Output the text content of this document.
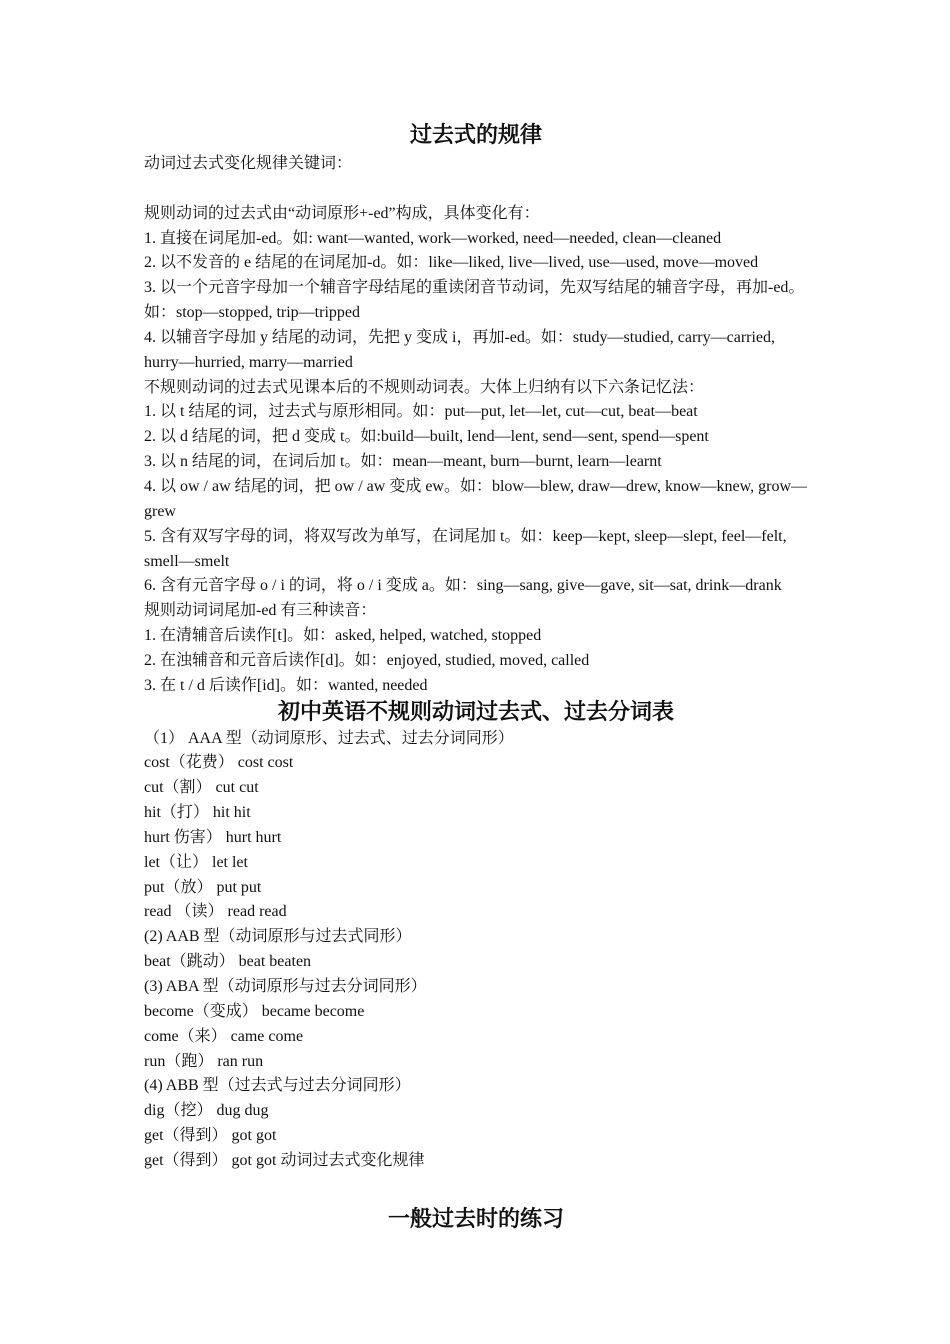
过去式的规律

动词过去式变化规律关键词：

规则动词的过去式由“动词原形+-ed”构成，具体变化有：

1. 直接在词尾加-ed。如: want—wanted, work—worked, need—needed, clean—cleaned

2. 以不发音的 e 结尾的在词尾加-d。如：like—liked, live—lived, use—used, move—moved

3. 以一个元音字母加一个辅音字母结尾的重读闭音节动词，先双写结尾的辅音字母，再加-ed。如：stop—stopped, trip—tripped

4. 以辅音字母加 y 结尾的动词，先把 y 变成 i，再加-ed。如：study—studied, carry—carried, hurry—hurried, marry—married

不规则动词的过去式见课本后的不规则动词表。大体上归纳有以下六条记忆法：

1. 以 t 结尾的词，过去式与原形相同。如：put—put, let—let, cut—cut, beat—beat

2. 以 d 结尾的词，把 d 变成 t。如:build—built, lend—lent, send—sent, spend—spent

3. 以 n 结尾的词，在词后加 t。如：mean—meant, burn—burnt, learn—learnt

4. 以 ow / aw 结尾的词，把 ow / aw 变成 ew。如：blow—blew, draw—drew, know—knew, grow—grew

5. 含有双写字母的词，将双写改为单写，在词尾加 t。如：keep—kept, sleep—slept, feel—felt, smell—smelt

6. 含有元音字母 o / i 的词，将 o / i 变成 a。如：sing—sang, give—gave, sit—sat, drink—drank

规则动词词尾加-ed 有三种读音：

1. 在清辅音后读作[t]。如：asked, helped, watched, stopped

2. 在浊辅音和元音后读作[d]。如：enjoyed, studied, moved, called

3. 在 t / d 后读作[id]。如：wanted, needed

初中英语不规则动词过去式、过去分词表

（1） AAA 型（动词原形、过去式、过去分词同形）

cost（花费） cost cost

cut（割） cut cut

hit（打） hit hit

hurt 伤害） hurt hurt

let（让） let let

put（放） put put

read （读） read read

(2) AAB 型（动词原形与过去式同形）

beat（跳动） beat beaten

(3) ABA 型（动词原形与过去分词同形）

become（变成） became become

come（来） came come

run（跑） ran run

(4) ABB 型（过去式与过去分词同形）

dig（挖） dug dug

get（得到） got got

get（得到） got got 动词过去式变化规律

一般过去时的练习
